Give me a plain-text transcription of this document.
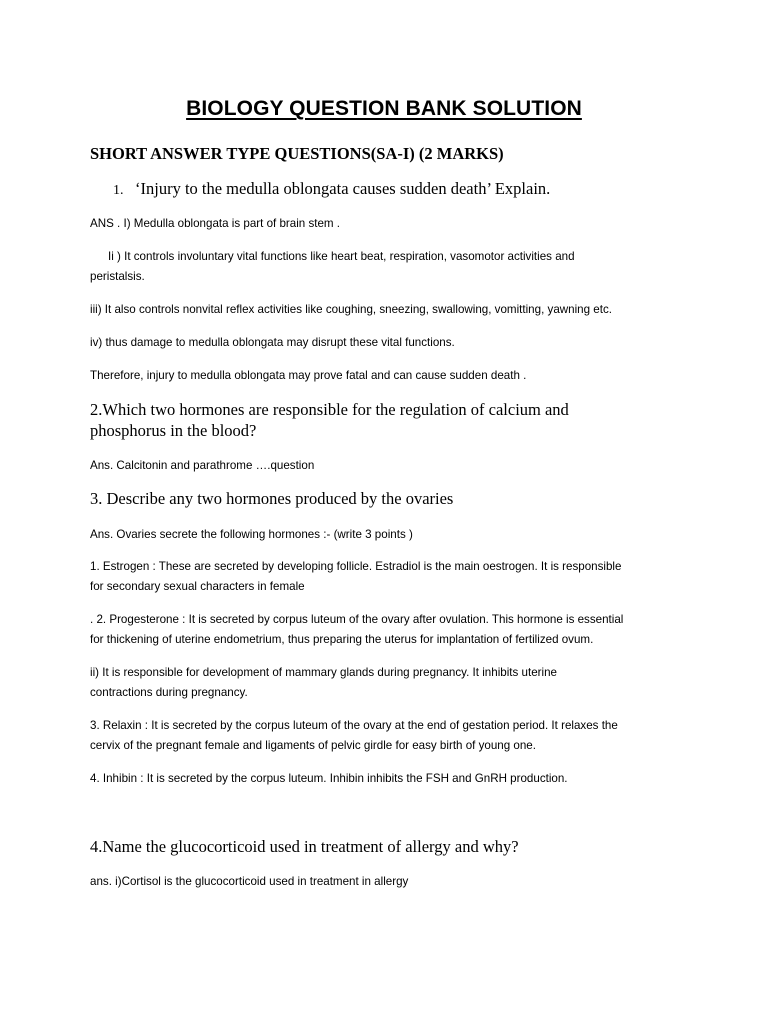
BIOLOGY QUESTION BANK SOLUTION
SHORT ANSWER TYPE QUESTIONS(SA-I) (2 MARKS)
1. ‘Injury to the medulla oblongata causes sudden death’ Explain.
ANS . I) Medulla oblongata is part of brain stem .
Ii ) It controls involuntary vital functions like heart beat, respiration, vasomotor activities and
peristalsis.
iii) It also controls nonvital reflex activities like coughing, sneezing, swallowing, vomitting, yawning etc.
iv) thus damage to medulla oblongata may disrupt these vital functions.
Therefore, injury to medulla oblongata may prove fatal and can cause sudden death .
2.Which two hormones are responsible for the regulation of calcium and
phosphorus in the blood?
Ans. Calcitonin and parathrome ….question
3. Describe any two hormones produced by the ovaries
Ans. Ovaries secrete the following hormones :- (write 3 points )
1. Estrogen : These are secreted by developing follicle. Estradiol is the main oestrogen. It is responsible
for secondary sexual characters in female
. 2. Progesterone : It is secreted by corpus luteum of the ovary after ovulation. This hormone is essential
for thickening of uterine endometrium, thus preparing the uterus for implantation of fertilized ovum.
ii) It is responsible for development of mammary glands during pregnancy. It inhibits uterine
contractions during pregnancy.
3. Relaxin : It is secreted by the corpus luteum of the ovary at the end of gestation period. It relaxes the
cervix of the pregnant female and ligaments of pelvic girdle for easy birth of young one.
4. Inhibin : It is secreted by the corpus luteum. Inhibin inhibits the FSH and GnRH production.
4.Name the glucocorticoid used in treatment of allergy and why?
ans. i)Cortisol is the glucocorticoid used in treatment in allergy
